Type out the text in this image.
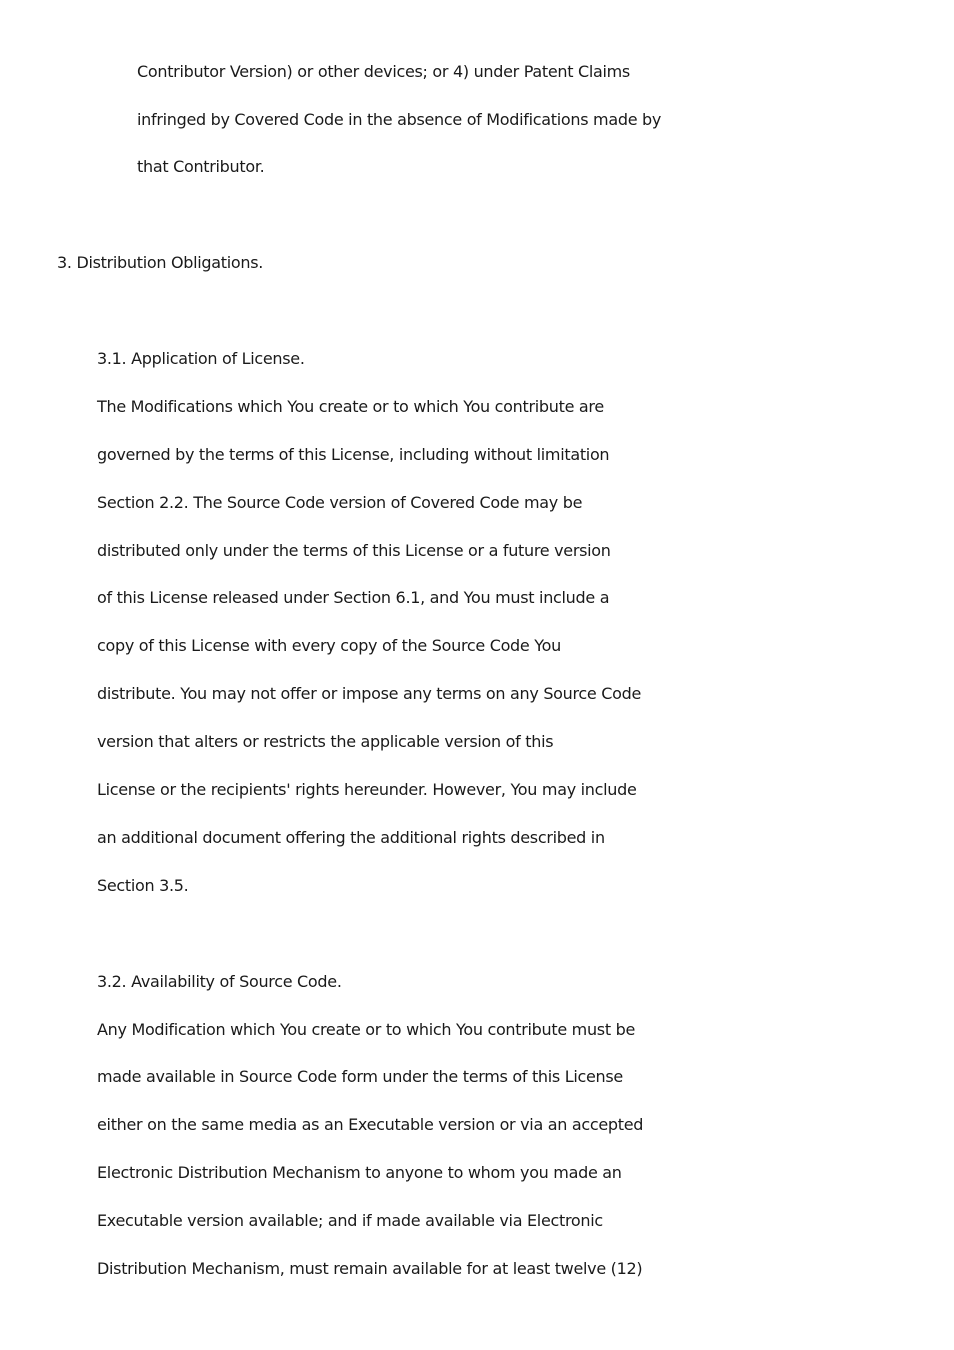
Contributor Version) or other devices; or 4) under Patent Claims
infringed by Covered Code in the absence of Modifications made by
that Contributor.
3. Distribution Obligations.
3.1. Application of License.
The Modifications which You create or to which You contribute are
governed by the terms of this License, including without limitation
Section 2.2. The Source Code version of Covered Code may be
distributed only under the terms of this License or a future version
of this License released under Section 6.1, and You must include a
copy of this License with every copy of the Source Code You
distribute. You may not offer or impose any terms on any Source Code
version that alters or restricts the applicable version of this
License or the recipients' rights hereunder. However, You may include
an additional document offering the additional rights described in
Section 3.5.
3.2. Availability of Source Code.
Any Modification which You create or to which You contribute must be
made available in Source Code form under the terms of this License
either on the same media as an Executable version or via an accepted
Electronic Distribution Mechanism to anyone to whom you made an
Executable version available; and if made available via Electronic
Distribution Mechanism, must remain available for at least twelve (12)
